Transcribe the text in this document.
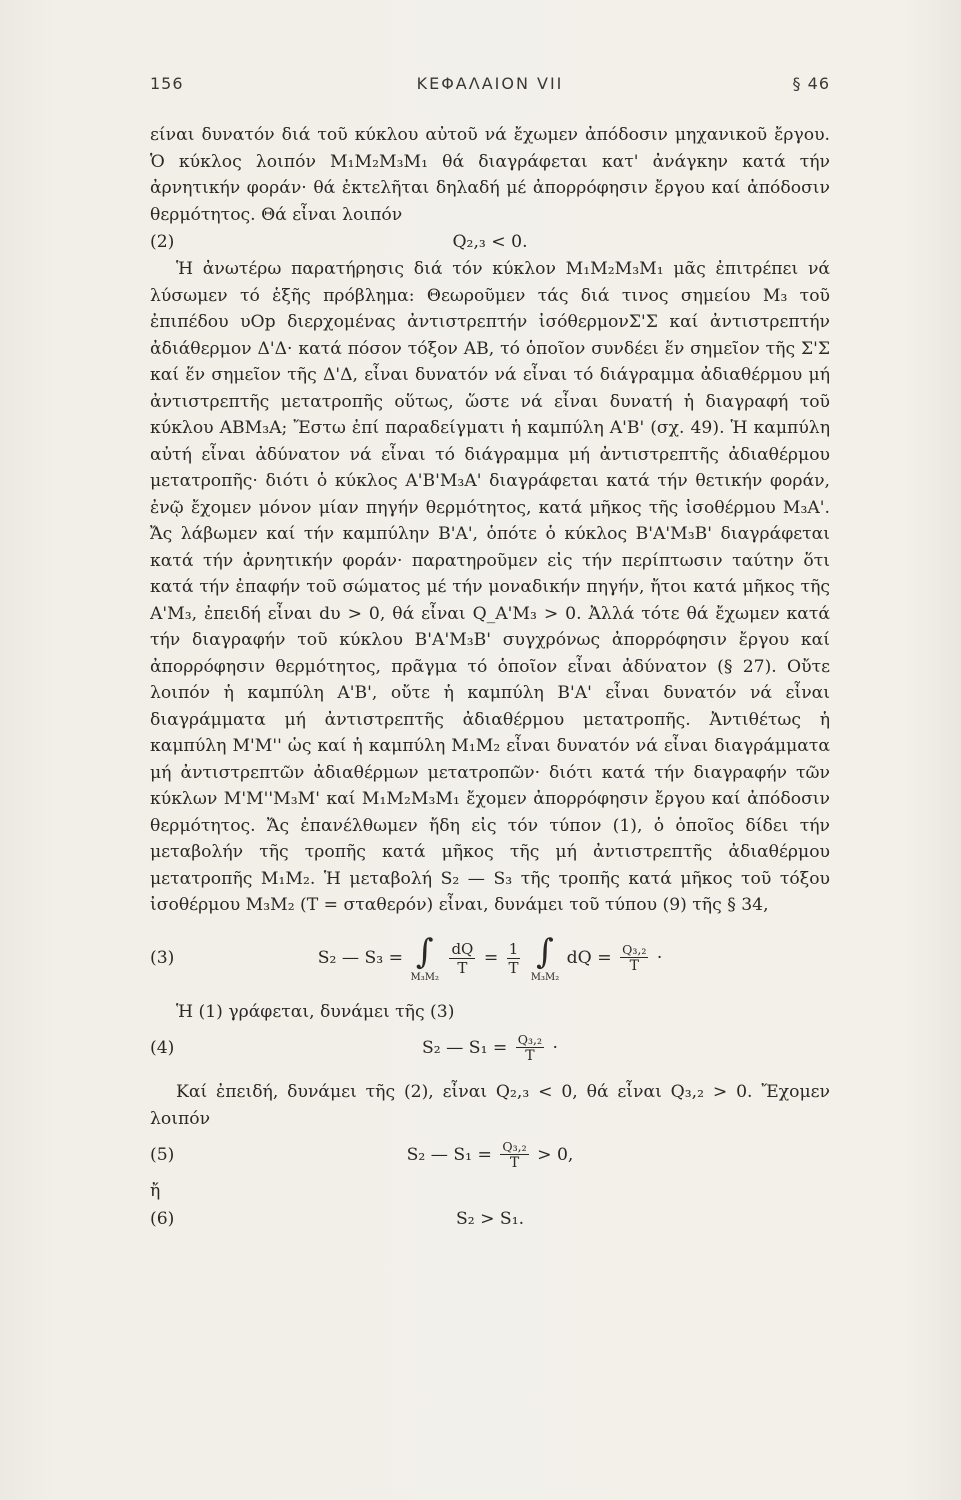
156	ΚΕΦΑΛΑΙΟΝ VII	§ 46

είναι δυνατόν διά τοῦ κύκλου αὐτοῦ νά ἔχωμεν ἀπόδοσιν μηχανικοῦ ἔργου. Ὁ κύκλος λοιπόν M₁M₂M₃M₁ θά διαγράφεται κατ' ἀνάγκην κατά τήν ἀρνητικήν φοράν· θά ἐκτελῆται δηλαδή μέ ἀπορρόφησιν ἔργου καί ἀπόδοσιν θερμότητος. Θά εἶναι λοιπόν

(2)	Q₂,₃ < 0.

Ἡ ἀνωτέρω παρατήρησις διά τόν κύκλον M₁M₂M₃M₁ μᾶς ἐπιτρέπει νά λύσωμεν τό ἑξῆς πρόβλημα: Θεωροῦμεν τάς διά τινος σημείου M₃ τοῦ ἐπιπέδου υOp διερχομένας ἀντιστρεπτήν ἰσόθερμονΣ'Σ καί ἀντιστρεπτήν ἀδιάθερμον Δ'Δ· κατά πόσον τόξον AB, τό ὁποῖον συνδέει ἕν σημεῖον τῆς Σ'Σ καί ἕν σημεῖον τῆς Δ'Δ, εἶναι δυνατόν νά εἶναι τό διάγραμμα ἀδιαθέρμου μή ἀντιστρεπτῆς μετατροπῆς οὕτως, ὥστε νά εἶναι δυνατή ἡ διαγραφή τοῦ κύκλου ABM₃A; Ἔστω ἐπί παραδείγματι ἡ καμπύλη A'B' (σχ. 49). Ἡ καμπύλη αὐτή εἶναι ἀδύνατον νά εἶναι τό διάγραμμα μή ἀντιστρεπτῆς ἀδιαθέρμου μετατροπῆς· διότι ὁ κύκλος A'B'M₃A' διαγράφεται κατά τήν θετικήν φοράν, ἐνῷ ἔχομεν μόνον μίαν πηγήν θερμότητος, κατά μῆκος τῆς ἰσοθέρμου M₃A'. Ἄς λάβωμεν καί τήν καμπύλην B'A', ὁπότε ὁ κύκλος B'A'M₃B' διαγράφεται κατά τήν ἀρνητικήν φοράν· παρατηροῦμεν εἰς τήν περίπτωσιν ταύτην ὅτι κατά τήν ἐπαφήν τοῦ σώματος μέ τήν μοναδικήν πηγήν, ἤτοι κατά μῆκος τῆς A'M₃, ἐπειδή εἶναι dυ > 0, θά εἶναι Q_A'M₃ > 0. Ἀλλά τότε θά ἔχωμεν κατά τήν διαγραφήν τοῦ κύκλου B'A'M₃B' συγχρόνως ἀπορρόφησιν ἔργου καί ἀπορρόφησιν θερμότητος, πρᾶγμα τό ὁποῖον εἶναι ἀδύνατον (§ 27). Οὔτε λοιπόν ἡ καμπύλη A'B', οὔτε ἡ καμπύλη B'A' εἶναι δυνατόν νά εἶναι διαγράμματα μή ἀντιστρεπτῆς ἀδιαθέρμου μετατροπῆς. Ἀντιθέτως ἡ καμπύλη M'M'' ὡς καί ἡ καμπύλη M₁M₂ εἶναι δυνατόν νά εἶναι διαγράμματα μή ἀντιστρεπτῶν ἀδιαθέρμων μετατροπῶν· διότι κατά τήν διαγραφήν τῶν κύκλων M'M''M₃M' καί M₁M₂M₃M₁ ἔχομεν ἀπορρόφησιν ἔργου καί ἀπόδοσιν θερμότητος. Ἄς ἐπανέλθωμεν ἤδη εἰς τόν τύπον (1), ὁ ὁποῖος δίδει τήν μεταβολήν τῆς τροπῆς κατά μῆκος τῆς μή ἀντιστρεπτῆς ἀδιαθέρμου μετατροπῆς M₁M₂. Ἡ μεταβολή S₂ — S₃ τῆς τροπῆς κατά μῆκος τοῦ τόξου ἰσοθέρμου M₃M₂ (T = σταθερόν) εἶναι, δυνάμει τοῦ τύπου (9) τῆς § 34,

(3)	S₂ — S₃ = ∫
M₃M₂

$\frac{dQ}{T} = \frac{1}{T}$
∫
M₃M₂
dQ = $\frac{\text{Q₃,₂}}{T}$ ·

Ἡ (1) γράφεται, δυνάμει τῆς (3)

(4)	S₂ — $S_1 = \frac{\text{Q₃,₂}}{T}$ ·

Καί ἐπειδή, δυνάμει τῆς (2), εἶναι Q₂,₃ < 0, θά εἶναι Q₃,₂ > 0. Ἔχομεν λοιπόν

(5)	S₂ — $S_1 = \frac{\text{Q₃,₂}}{T} > 0$,

ἤ

(6)	S₂ > S₁.
